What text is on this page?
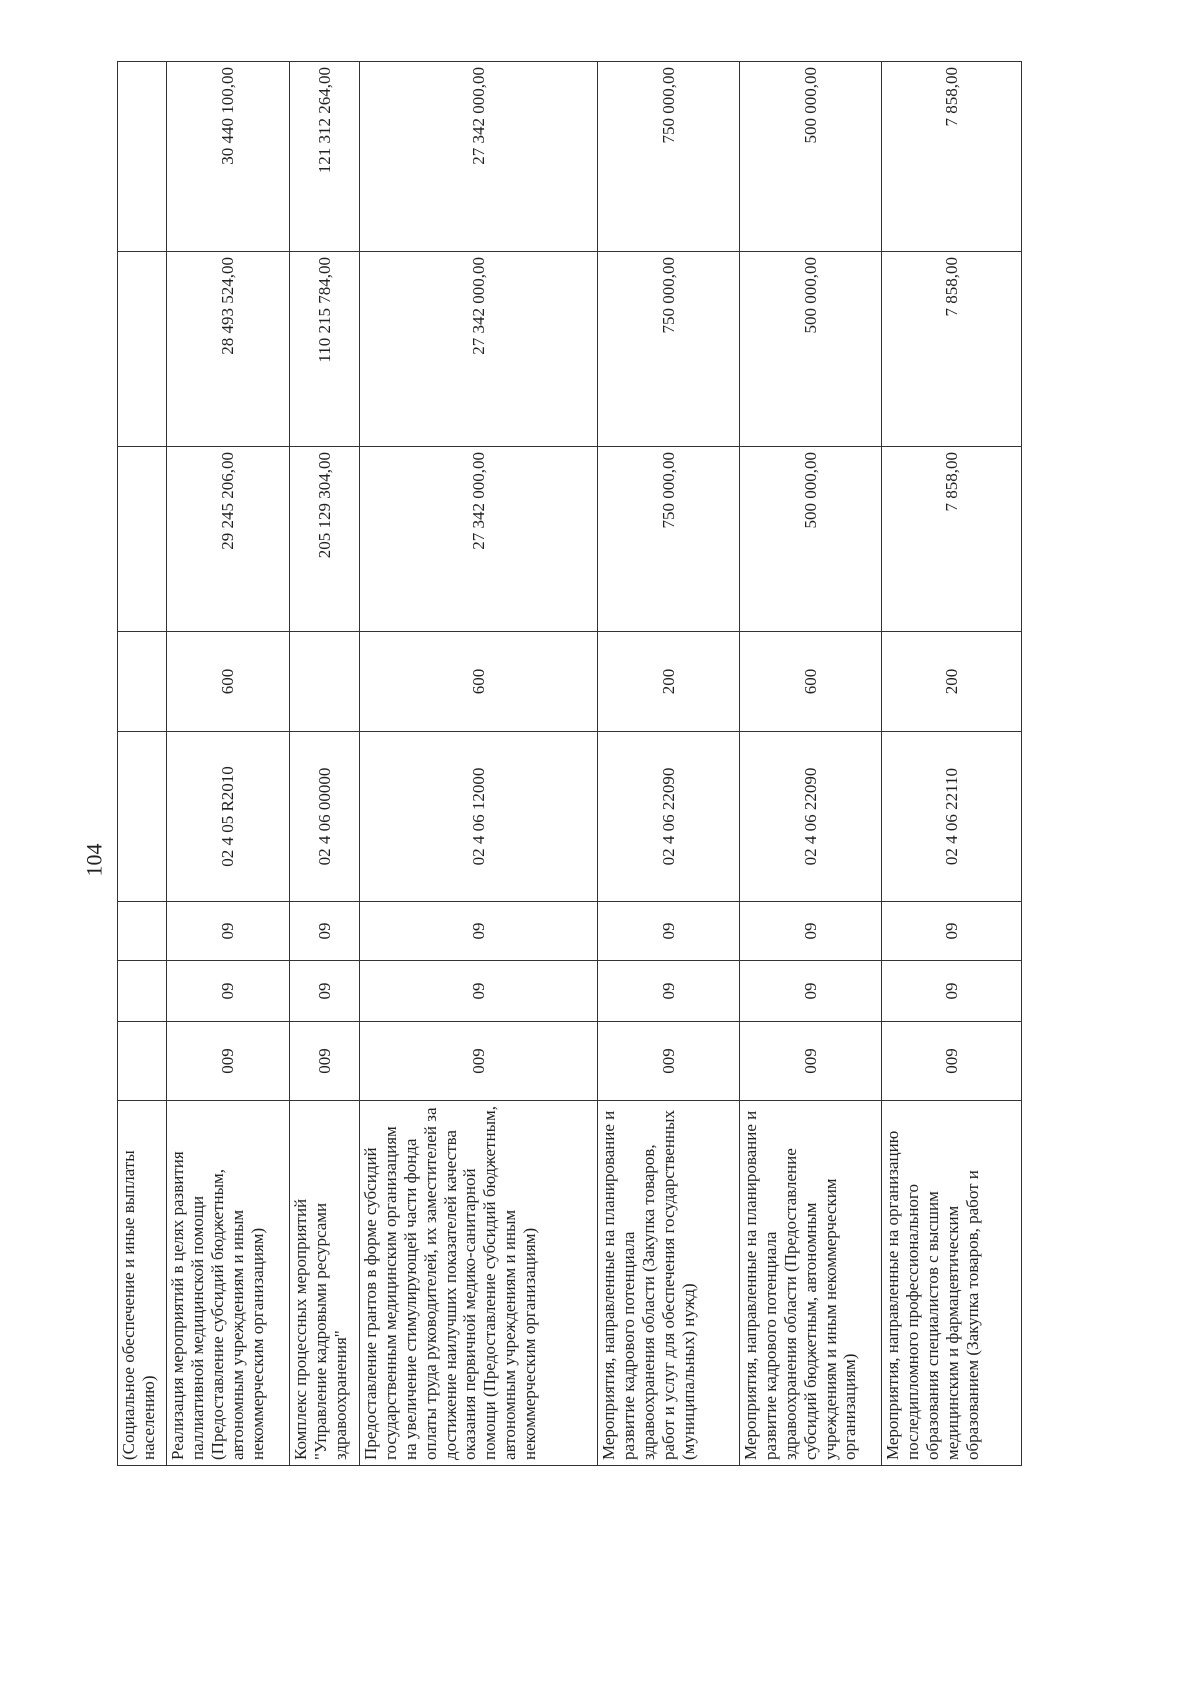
104
(Социальное обеспечение и иные выплаты населению)								
Реализация мероприятий в целях развития паллиативной медицинской помощи (Предоставление субсидий бюджетным, автономным учреждениям и иным некоммерческим организациям)	009	09	09	02 4 05 R2010	600	29 245 206,00	28 493 524,00	30 440 100,00
Комплекс процессных мероприятий "Управление кадровыми ресурсами здравоохранения"	009	09	09	02 4 06 00000		205 129 304,00	110 215 784,00	121 312 264,00
Предоставление грантов в форме субсидий государственным медицинским организациям на увеличение стимулирующей части фонда оплаты труда руководителей, их заместителей за достижение наилучших показателей качества оказания первичной медико-санитарной помощи (Предоставление субсидий бюджетным, автономным учреждениям и иным некоммерческим организациям)	009	09	09	02 4 06 12000	600	27 342 000,00	27 342 000,00	27 342 000,00
Мероприятия, направленные на планирование и развитие кадрового потенциала здравоохранения области (Закупка товаров, работ и услуг для обеспечения государственных (муниципальных) нужд)	009	09	09	02 4 06 22090	200	750 000,00	750 000,00	750 000,00
Мероприятия, направленные на планирование и развитие кадрового потенциала здравоохранения области (Предоставление субсидий бюджетным, автономным учреждениям и иным некоммерческим организациям)	009	09	09	02 4 06 22090	600	500 000,00	500 000,00	500 000,00
Мероприятия, направленные на организацию последипломного профессионального образования специалистов с высшим медицинским и фармацевтическим образованием (Закупка товаров, работ и	009	09	09	02 4 06 22110	200	7 858,00	7 858,00	7 858,00
